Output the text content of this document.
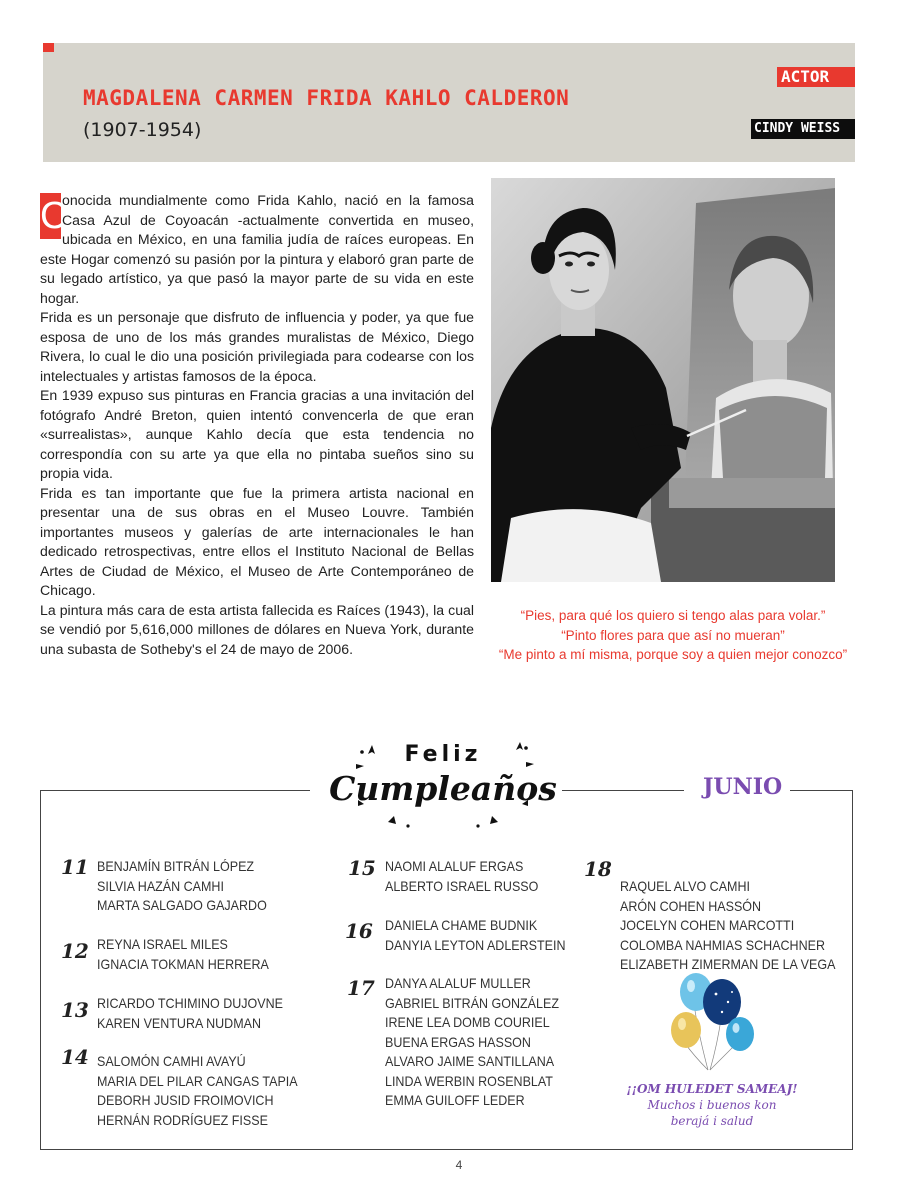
MAGDALENA CARMEN FRIDA KAHLO CALDERON
(1907-1954)
ACTOR
CINDY WEISS

C
onocida mundialmente como Frida Kahlo, nació en la famosa Casa Azul de Coyoacán -actualmente convertida en museo, ubicada en México, en una familia judía de raíces europeas. En este Hogar comenzó su pasión por la pintura y elaboró gran parte de su legado artístico, ya que pasó la mayor parte de su vida en este hogar.

Frida es un personaje que disfruto de influencia y poder, ya que fue esposa de uno de los más grandes muralistas de México, Diego Rivera, lo cual le dio una posición privilegiada para codearse con los intelectuales y artistas famosos de la época.

En 1939 expuso sus pinturas en Francia gracias a una invitación del fotógrafo André Breton, quien intentó convencerla de que eran «surrealistas», aunque Kahlo decía que esta tendencia no correspondía con su arte ya que ella no pintaba sueños sino su propia vida.

Frida es tan importante que fue la primera artista nacional en presentar una de sus obras en el Museo Louvre. También importantes museos y galerías de arte internacionales le han dedicado retrospectivas, entre ellos el Instituto Nacional de Bellas Artes de Ciudad de México, el Museo de Arte Contemporáneo de Chicago.

La pintura más cara de esta artista fallecida es Raíces (1943), la cual se vendió por 5,616,000 millones de dólares en Nueva York, durante una subasta de Sotheby's el 24 de mayo de 2006.

“Pies, para qué los quiero si tengo alas para volar.”
“Pinto flores para que así no mueran”
“Me pinto a mí misma, porque soy a quien mejor conozco”
Feliz
Cumpleaños	JUNIO
11 BENJAMÍN BITRÁN LÓPEZ
SILVIA HAZÁN CAMHI
MARTA SALGADO GAJARDO
12 REYNA ISRAEL MILES
IGNACIA TOKMAN HERRERA
13 RICARDO TCHIMINO DUJOVNE
KAREN VENTURA NUDMAN
14 SALOMÓN CAMHI AVAYÚ
MARIA DEL PILAR CANGAS TAPIA
DEBORH JUSID FROIMOVICH
HERNÁN RODRÍGUEZ FISSE
15 NAOMI ALALUF ERGAS
ALBERTO ISRAEL RUSSO
16 DANIELA CHAME BUDNIK
DANYIA LEYTON ADLERSTEIN
17 DANYA ALALUF MULLER
GABRIEL BITRÁN GONZÁLEZ
IRENE LEA DOMB COURIEL
BUENA ERGAS HASSON
ALVARO JAIME SANTILLANA
LINDA WERBIN ROSENBLAT
EMMA GUILOFF LEDER
18
RAQUEL ALVO CAMHI
ARÓN COHEN HASSÓN
JOCELYN COHEN MARCOTTI
COLOMBA NAHMIAS SCHACHNER
ELIZABETH ZIMERMAN DE LA VEGA
¡¡OM HULEDET SAMEAJ!
Muchos i buenos kon
berajá i salud
4
